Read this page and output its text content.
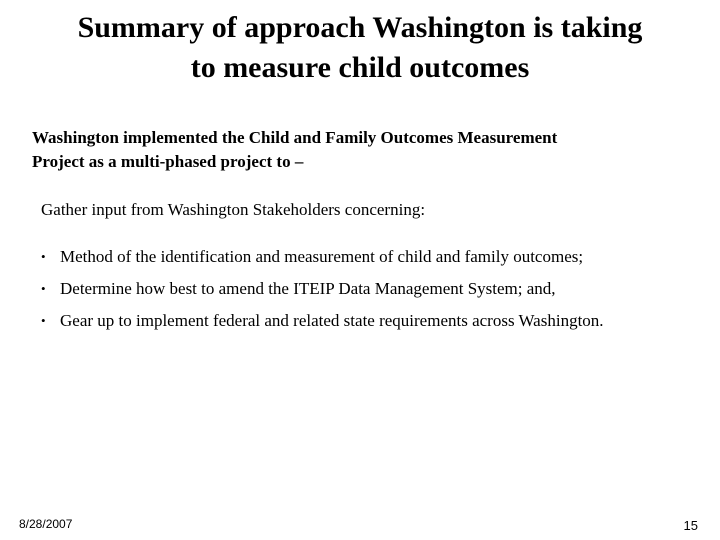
Summary of approach Washington is taking
to measure child outcomes

Washington implemented the Child and Family Outcomes Measurement
Project as a multi-phased project to –

Gather input from Washington Stakeholders concerning:

• Method of the identification and measurement of child and family outcomes;
• Determine how best to amend the ITEIP Data Management System; and,
• Gear up to implement federal and related state requirements across Washington.
8/28/2007	15
